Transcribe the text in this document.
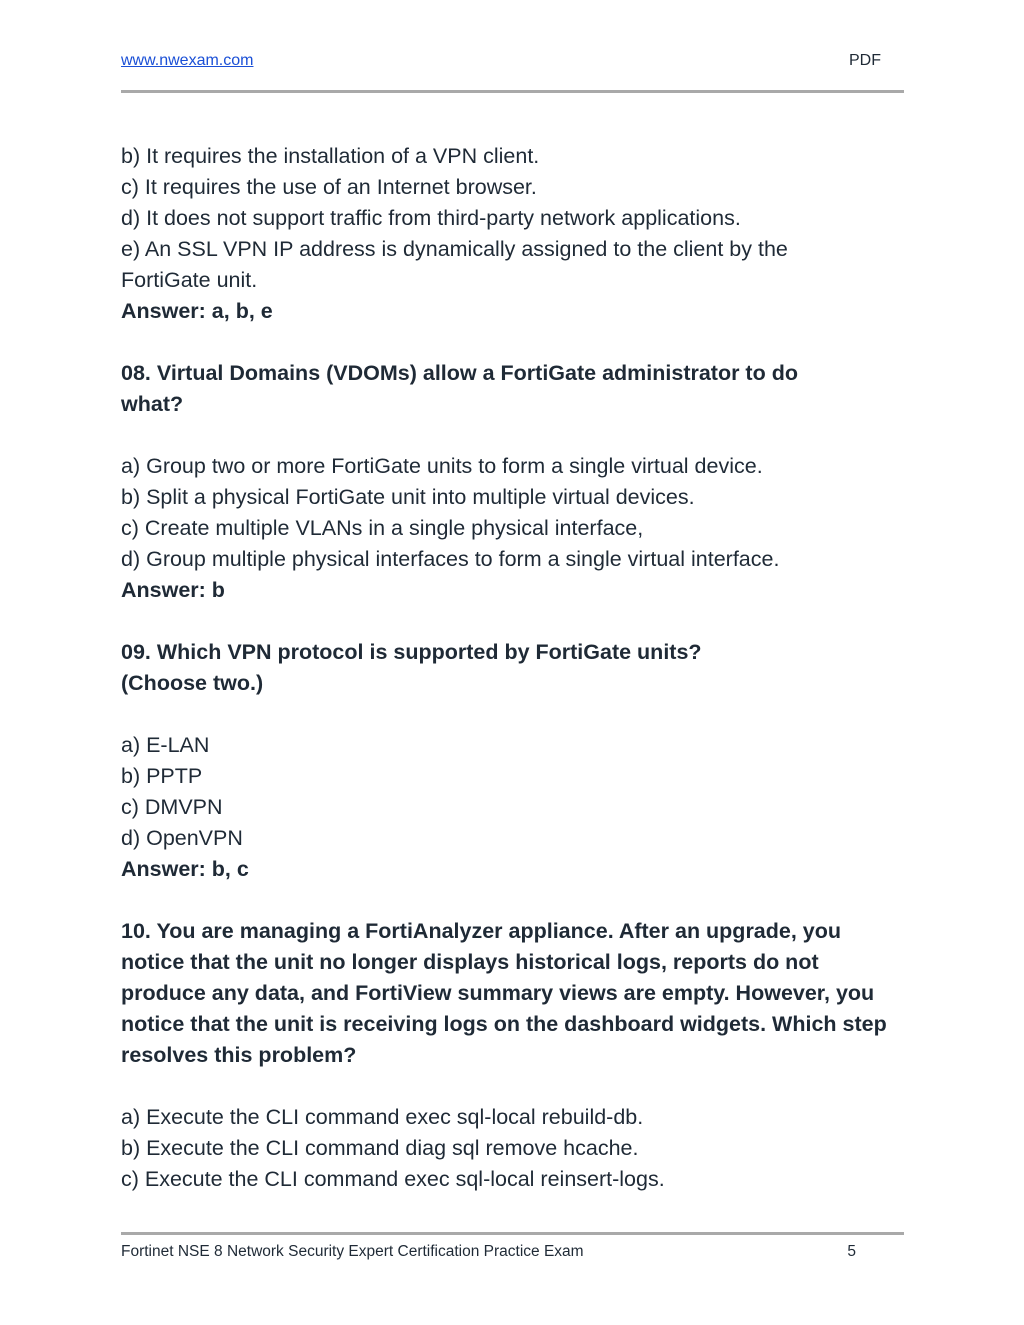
www.nwexam.com	PDF
b) It requires the installation of a VPN client.
c) It requires the use of an Internet browser.
d) It does not support traffic from third-party network applications.
e) An SSL VPN IP address is dynamically assigned to the client by the FortiGate unit.
Answer: a, b, e
08. Virtual Domains (VDOMs) allow a FortiGate administrator to do what?
a) Group two or more FortiGate units to form a single virtual device.
b) Split a physical FortiGate unit into multiple virtual devices.
c) Create multiple VLANs in a single physical interface,
d) Group multiple physical interfaces to form a single virtual interface.
Answer: b
09. Which VPN protocol is supported by FortiGate units?
(Choose two.)
a) E-LAN
b) PPTP
c) DMVPN
d) OpenVPN
Answer: b, c
10. You are managing a FortiAnalyzer appliance. After an upgrade, you notice that the unit no longer displays historical logs, reports do not produce any data, and FortiView summary views are empty. However, you notice that the unit is receiving logs on the dashboard widgets. Which step resolves this problem?
a) Execute the CLI command exec sql-local rebuild-db.
b) Execute the CLI command diag sql remove hcache.
c) Execute the CLI command exec sql-local reinsert-logs.
Fortinet NSE 8 Network Security Expert Certification Practice Exam	5
